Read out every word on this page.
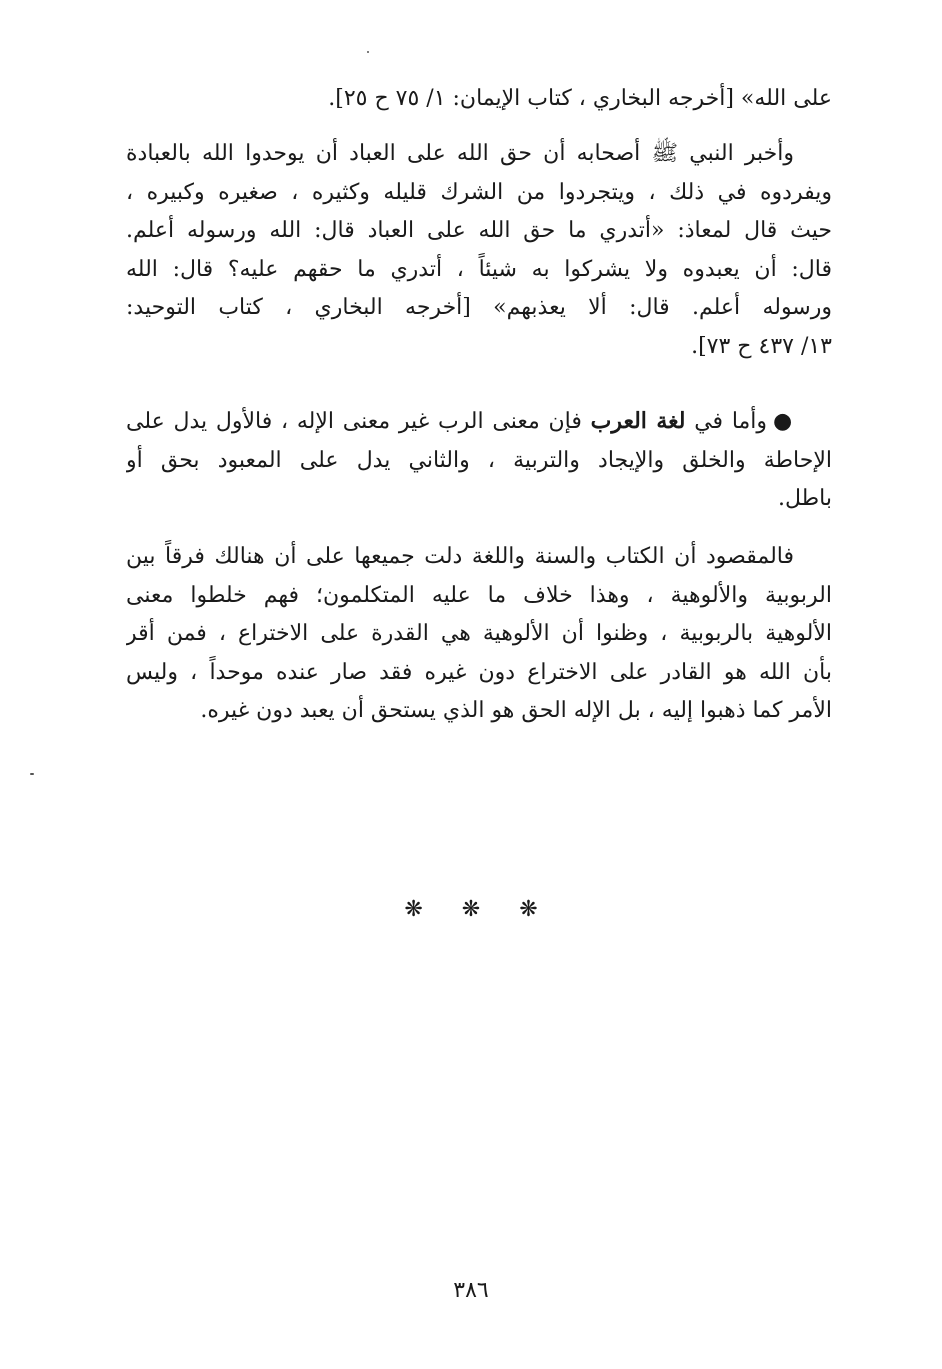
على الله» [أخرجه البخاري ، كتاب الإيمان: ١/ ٧٥ ح ٢٥].
وأخبر النبي ﷺ أصحابه أن حق الله على العباد أن يوحدوا الله بالعبادة
ويفردوه في ذلك ، ويتجردوا من الشرك قليله وكثيره ، صغيره وكبيره ،
حيث قال لمعاذ: «أتدري ما حق الله على العباد قال: الله ورسوله أعلم.
قال: أن يعبدوه ولا يشركوا به شيئاً ، أتدري ما حقهم عليه؟ قال: الله
ورسوله أعلم. قال: ألا يعذبهم» [أخرجه البخاري ، كتاب التوحيد:
١٣/ ٤٣٧ ح ٧٣].
●وأما في لغة العرب فإن معنى الرب غير معنى الإله ، فالأول يدل على
الإحاطة والخلق والإيجاد والتربية ، والثاني يدل على المعبود بحق أو
باطل.
فالمقصود أن الكتاب والسنة واللغة دلت جميعها على أن هنالك فرقاً بين
الربوبية والألوهية ، وهذا خلاف ما عليه المتكلمون؛ فهم خلطوا معنى
الألوهية بالربوبية ، وظنوا أن الألوهية هي القدرة على الاختراع ، فمن أقر
بأن الله هو القادر على الاختراع دون غيره فقد صار عنده موحداً ، وليس
الأمر كما ذهبوا إليه ، بل الإله الحق هو الذي يستحق أن يعبد دون غيره.
❋ ❋ ❋
٣٨٦
